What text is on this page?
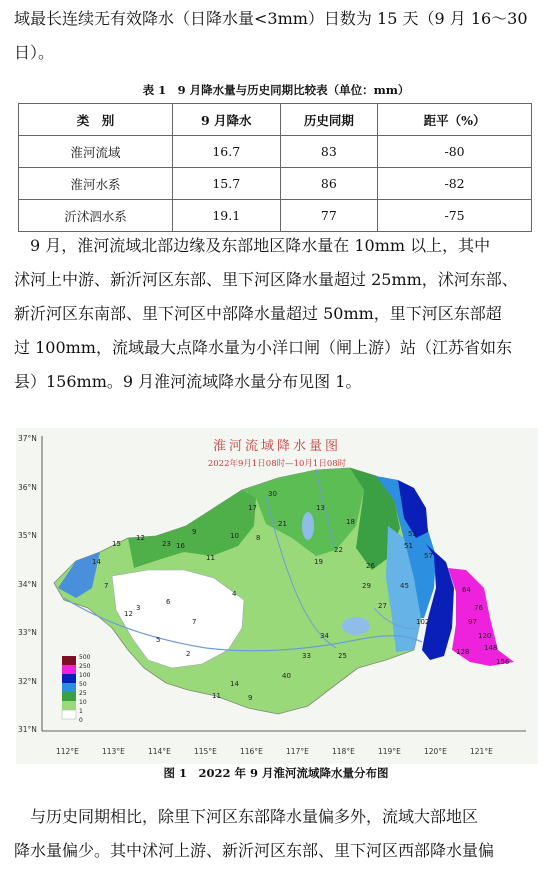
域最长连续无有效降水（日降水量<3mm）日数为 15 天（9 月 16～30
日）。

表 1　9 月降水量与历史同期比较表（单位：mm）
类　别	9 月降水	历史同期	距平（%）
淮河流域	16.7	83	-80
淮河水系	15.7	86	-82
沂沭泗水系	19.1	77	-75

　9 月，淮河流域北部边缘及东部地区降水量在 10mm 以上，其中
沭河上中游、新沂河区东部、里下河区降水量超过 25mm，沭河东部、
新沂河区东南部、里下河区中部降水量超过 50mm，里下河区东部超
过 100mm，流域最大点降水量为小洋口闸（闸上游）站（江苏省如东
县）156mm。9 月淮河流域降水量分布见图 1。

37°N
36°N
35°N
34°N
33°N
32°N
31°N
112°E	113°E	114°E	115°E	116°E	117°E	118°E	119°E	120°E	121°E
12
14
23
15
9
16
17
30
21
51
52
45
76
27
18
13
10 8
11
6
7
5
4
3
2
19
22
26
29
57
64
97
102
120
128 148
156
34
25
33
40
14
11	9
12
7
500
250
100
50
25
10
1
0
淮河流域降水量图
2022年9月1日08时—10月1日08时
图 1　2022 年 9 月淮河流域降水量分布图

　与历史同期相比，除里下河区东部降水量偏多外，流域大部地区
降水量偏少。其中沭河上游、新沂河区东部、里下河区西部降水量偏
